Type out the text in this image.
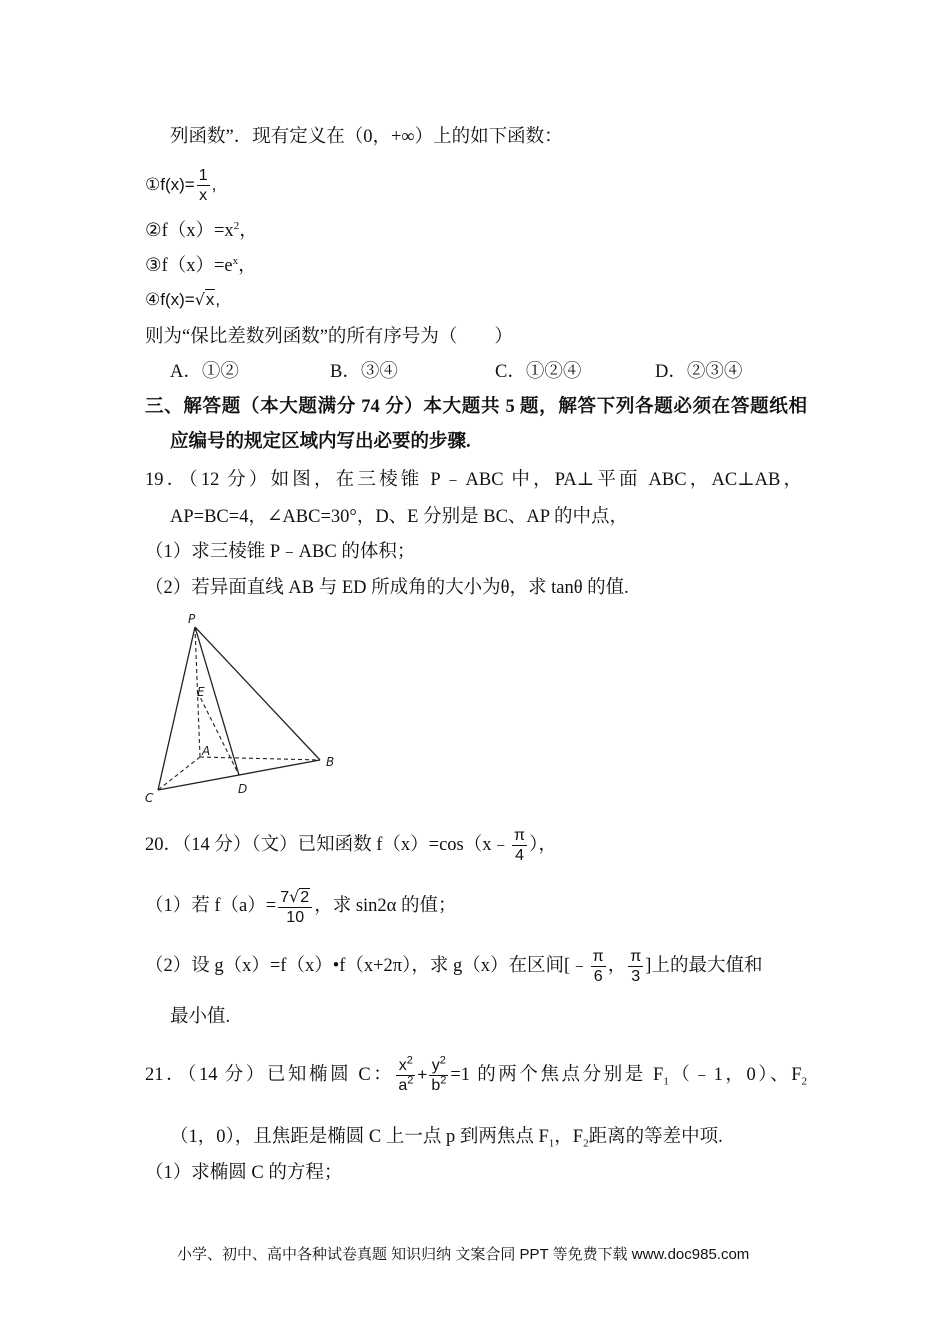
列函数”．现有定义在（0，+∞）上的如下函数：
①f(x)= $\frac{1}{x}$ ,
$②f(x)=x^2$，
$③f(x)=e^x$，
④f(x)=√x,
则为“保比差数列函数”的所有序号为（　　）
A．①②	B．③④	C．①②④	D．②③④
三、解答题（本大题满分 74 分）本大题共 5 题，解答下列各题必须在答题纸相
应编号的规定区域内写出必要的步骤.
19．（12 分）如图，在三棱锥 P﹣ABC 中，PA⊥平面 ABC，AC⊥AB，
AP=BC=4，∠ABC=30°，D、E 分别是 BC、AP 的中点，
（1）求三棱锥 P﹣ABC 的体积；
（2）若异面直线 AB 与 ED 所成角的大小为θ，求 tanθ 的值.
P
E
A
B
C
D
20．（14 分）（文）已知函数 f（x）=cos（x﹣ $\frac{\pi}{4}$ ），
（1）若 $f(a)= \frac{7√2}{10}$ ，求 sin2α 的值；
（2）设 g（x）=f（x）•f（x+2π），求 g（x）在区间[﹣ $\frac{\pi}{6}$ ， $\frac{\pi}{3}$ ]上的最大值和
最小值.
21．（14 分）已知椭圆 C： $\frac{x^2}{a^2} + \frac{y^2}{b^2} =1$ 的两个焦点分别是 $F_1(﹣1$，0）、$F_2$
（1，0），且焦距是椭圆 C 上一点 p 到两焦点 $F_1$，$F_2$距离的等差中项.
（1）求椭圆 C 的方程；
小学、初中、高中各种试卷真题 知识归纳 文案合同 PPT 等免费下载 www.doc985.com
